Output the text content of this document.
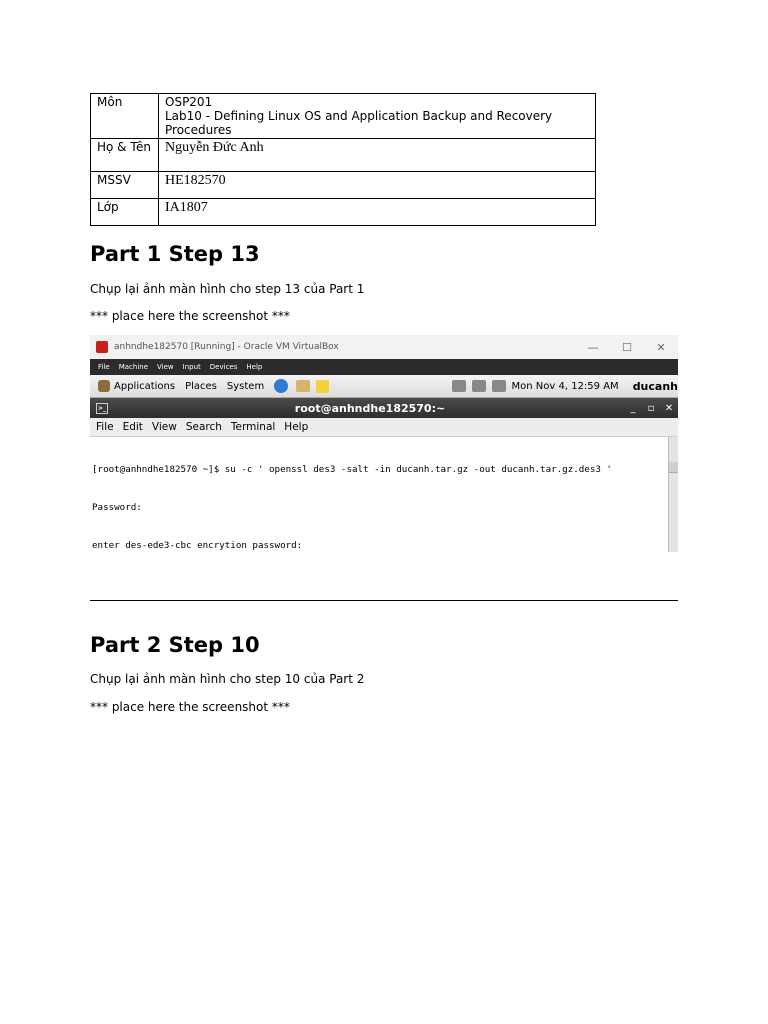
Môn	OSP201
Lab10 - Defining Linux OS and Application Backup and Recovery Procedures

Họ & Tên	Nguyễn Đức Anh
MSSV	HE182570
Lớp	IA1807
Part 1 Step 13

Chụp lại ảnh màn hình cho step 13 của Part 1

*** place here the screenshot ***

anhndhe182570 [Running] - Oracle VM VirtualBox	—	☐	✕
File Machine View Input Devices Help
Applications Places System	Mon Nov 4, 12:59 AM ducanh
>_	root@anhndhe182570:~	_	▫	✕
File Edit View Search Terminal Help

[root@anhndhe182570 ~]$ su -c ' openssl des3 -salt -in ducanh.tar.gz -out ducanh.tar.gz.des3 '

Password:

enter des-ede3-cbc encrytion password:

Part 2 Step 10

Chụp lại ảnh màn hình cho step 10 của Part 2

*** place here the screenshot ***
